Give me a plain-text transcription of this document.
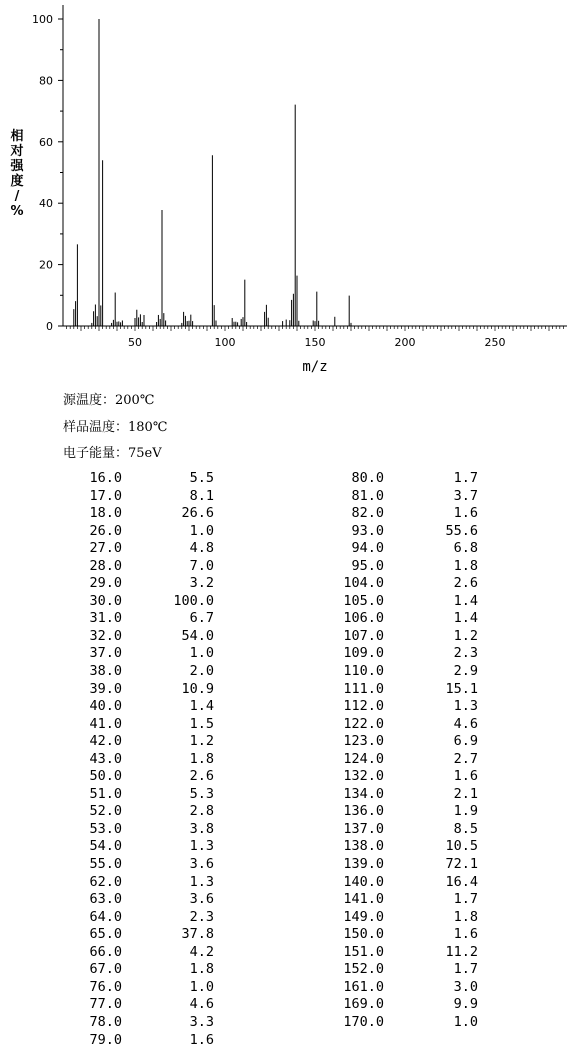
0
20
40
60
80
100
50	100	150	200	250
m/z
相对强度/ %
源温度：200℃
样品温度：180℃
电子能量：75eV
16.0	5.5
17.0	8.1
18.0	26.6
26.0	1.0
27.0	4.8
28.0	7.0
29.0	3.2
30.0	100.0
31.0	6.7
32.0	54.0
37.0	1.0
38.0	2.0
39.0	10.9
40.0	1.4
41.0	1.5
42.0	1.2
43.0	1.8
50.0	2.6
51.0	5.3
52.0	2.8
53.0	3.8
54.0	1.3
55.0	3.6
62.0	1.3
63.0	3.6
64.0	2.3
65.0	37.8
66.0	4.2
67.0	1.8
76.0	1.0
77.0	4.6
78.0	3.3
79.0	1.6
80.0	1.7
81.0	3.7
82.0	1.6
93.0	55.6
94.0	6.8
95.0	1.8
104.0	2.6
105.0	1.4
106.0	1.4
107.0	1.2
109.0	2.3
110.0	2.9
111.0	15.1
112.0	1.3
122.0	4.6
123.0	6.9
124.0	2.7
132.0	1.6
134.0	2.1
136.0	1.9
137.0	8.5
138.0	10.5
139.0	72.1
140.0	16.4
141.0	1.7
149.0	1.8
150.0	1.6
151.0	11.2
152.0	1.7
161.0	3.0
169.0	9.9
170.0	1.0
